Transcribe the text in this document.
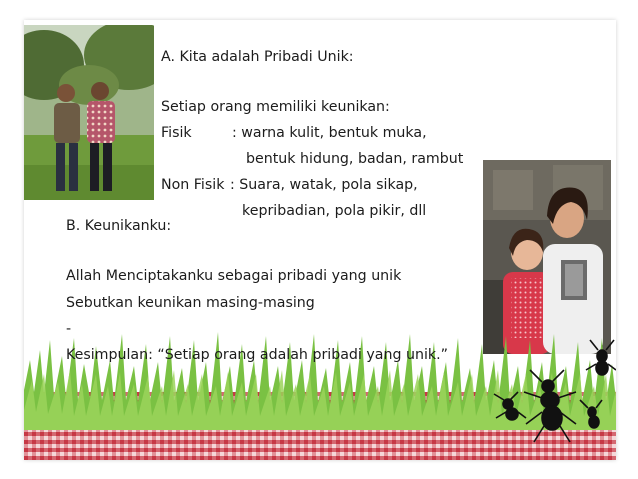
A. Kita adalah Pribadi Unik:
Setiap orang memiliki keunikan:
Fisik	: warna kulit, bentuk muka,
bentuk hidung, badan, rambut
Non Fisik : Suara, watak, pola sikap,
kepribadian, pola pikir, dll
B. Keunikanku:
Allah Menciptakanku sebagai pribadi yang unik
Sebutkan keunikan masing-masing
-
Kesimpulan: “Setiap orang adalah pribadi yang unik.”
